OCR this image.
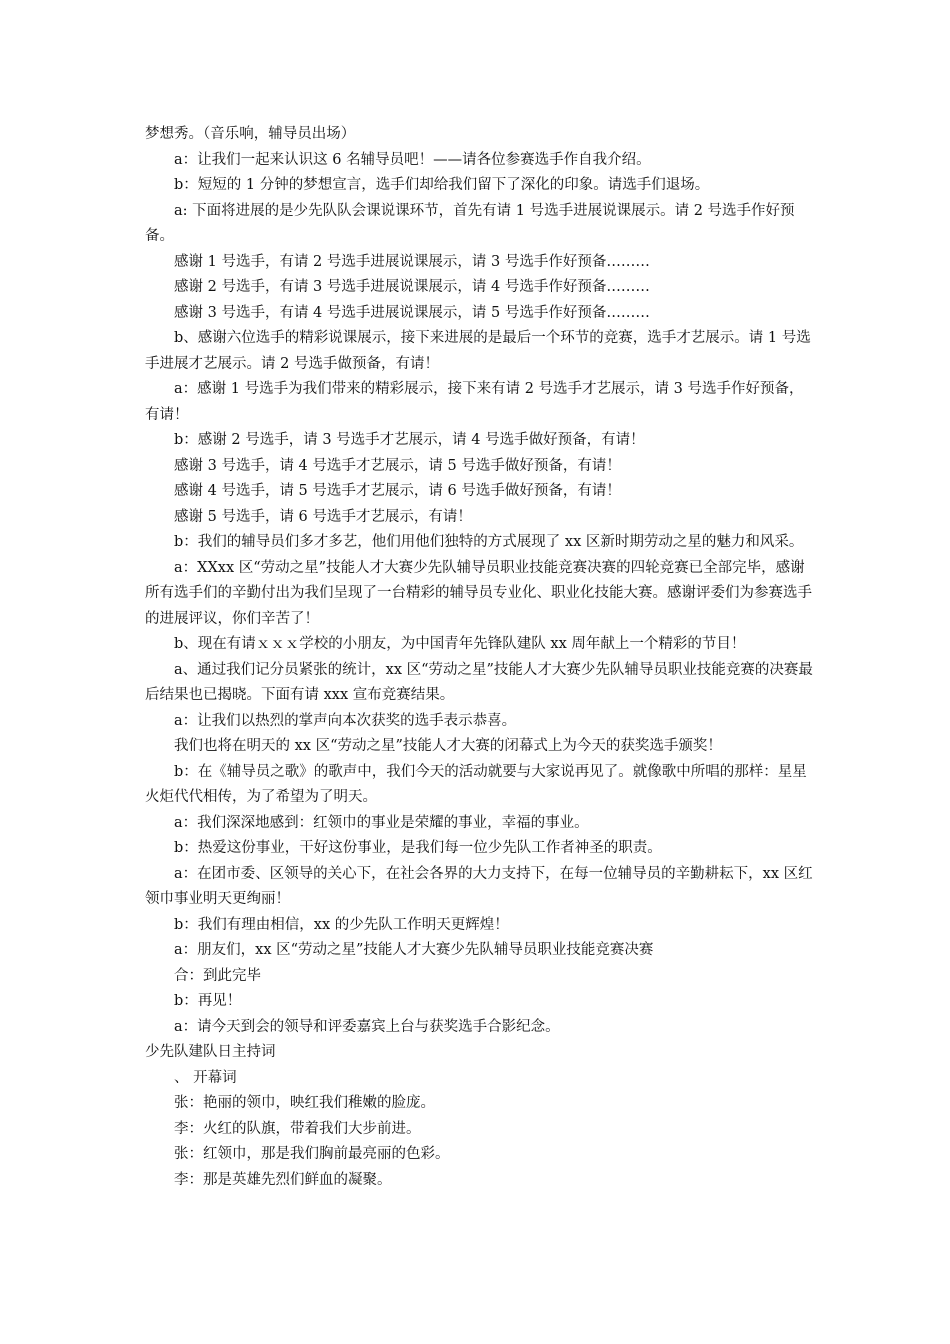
梦想秀。（音乐响，辅导员出场）

a：让我们一起来认识这 6 名辅导员吧！——请各位参赛选手作自我介绍。

b：短短的 1 分钟的梦想宣言，选手们却给我们留下了深化的印象。请选手们退场。

a: 下面将进展的是少先队队会课说课环节，首先有请 1 号选手进展说课展示。请 2 号选手作好预备。

感谢 1 号选手，有请 2 号选手进展说课展示，请 3 号选手作好预备………

感谢 2 号选手，有请 3 号选手进展说课展示，请 4 号选手作好预备………

感谢 3 号选手，有请 4 号选手进展说课展示，请 5 号选手作好预备………

b、感谢六位选手的精彩说课展示，接下来进展的是最后一个环节的竞赛，选手才艺展示。请 1 号选手进展才艺展示。请 2 号选手做预备，有请！

a：感谢 1 号选手为我们带来的精彩展示，接下来有请 2 号选手才艺展示，请 3 号选手作好预备，有请！

b：感谢 2 号选手，请 3 号选手才艺展示，请 4 号选手做好预备，有请！

感谢 3 号选手，请 4 号选手才艺展示，请 5 号选手做好预备，有请！

感谢 4 号选手，请 5 号选手才艺展示，请 6 号选手做好预备，有请！

感谢 5 号选手，请 6 号选手才艺展示，有请！

b：我们的辅导员们多才多艺，他们用他们独特的方式展现了 xx 区新时期劳动之星的魅力和风采。

a：XXxx 区“劳动之星”技能人才大赛少先队辅导员职业技能竞赛决赛的四轮竞赛已全部完毕，感谢所有选手们的辛勤付出为我们呈现了一台精彩的辅导员专业化、职业化技能大赛。感谢评委们为参赛选手的进展评议，你们辛苦了！

b、现在有请ｘｘｘ学校的小朋友，为中国青年先锋队建队 xx 周年献上一个精彩的节目！

a、通过我们记分员紧张的统计，xx 区“劳动之星”技能人才大赛少先队辅导员职业技能竞赛的决赛最后结果也已揭晓。下面有请 xxx 宣布竞赛结果。

a：让我们以热烈的掌声向本次获奖的选手表示恭喜。

我们也将在明天的 xx 区“劳动之星”技能人才大赛的闭幕式上为今天的获奖选手颁奖！

b：在《辅导员之歌》的歌声中，我们今天的活动就要与大家说再见了。就像歌中所唱的那样：星星火炬代代相传，为了希望为了明天。

a：我们深深地感到：红领巾的事业是荣耀的事业，幸福的事业。

b：热爱这份事业，干好这份事业，是我们每一位少先队工作者神圣的职责。

a：在团市委、区领导的关心下，在社会各界的大力支持下，在每一位辅导员的辛勤耕耘下，xx 区红领巾事业明天更绚丽！

b：我们有理由相信，xx 的少先队工作明天更辉煌！

a：朋友们，xx 区“劳动之星”技能人才大赛少先队辅导员职业技能竞赛决赛

合：到此完毕

b：再见！

a：请今天到会的领导和评委嘉宾上台与获奖选手合影纪念。

少先队建队日主持词

、 开幕词

张：艳丽的领巾，映红我们稚嫩的脸庞。

李：火红的队旗，带着我们大步前进。

张：红领巾，那是我们胸前最亮丽的色彩。

李：那是英雄先烈们鲜血的凝聚。
